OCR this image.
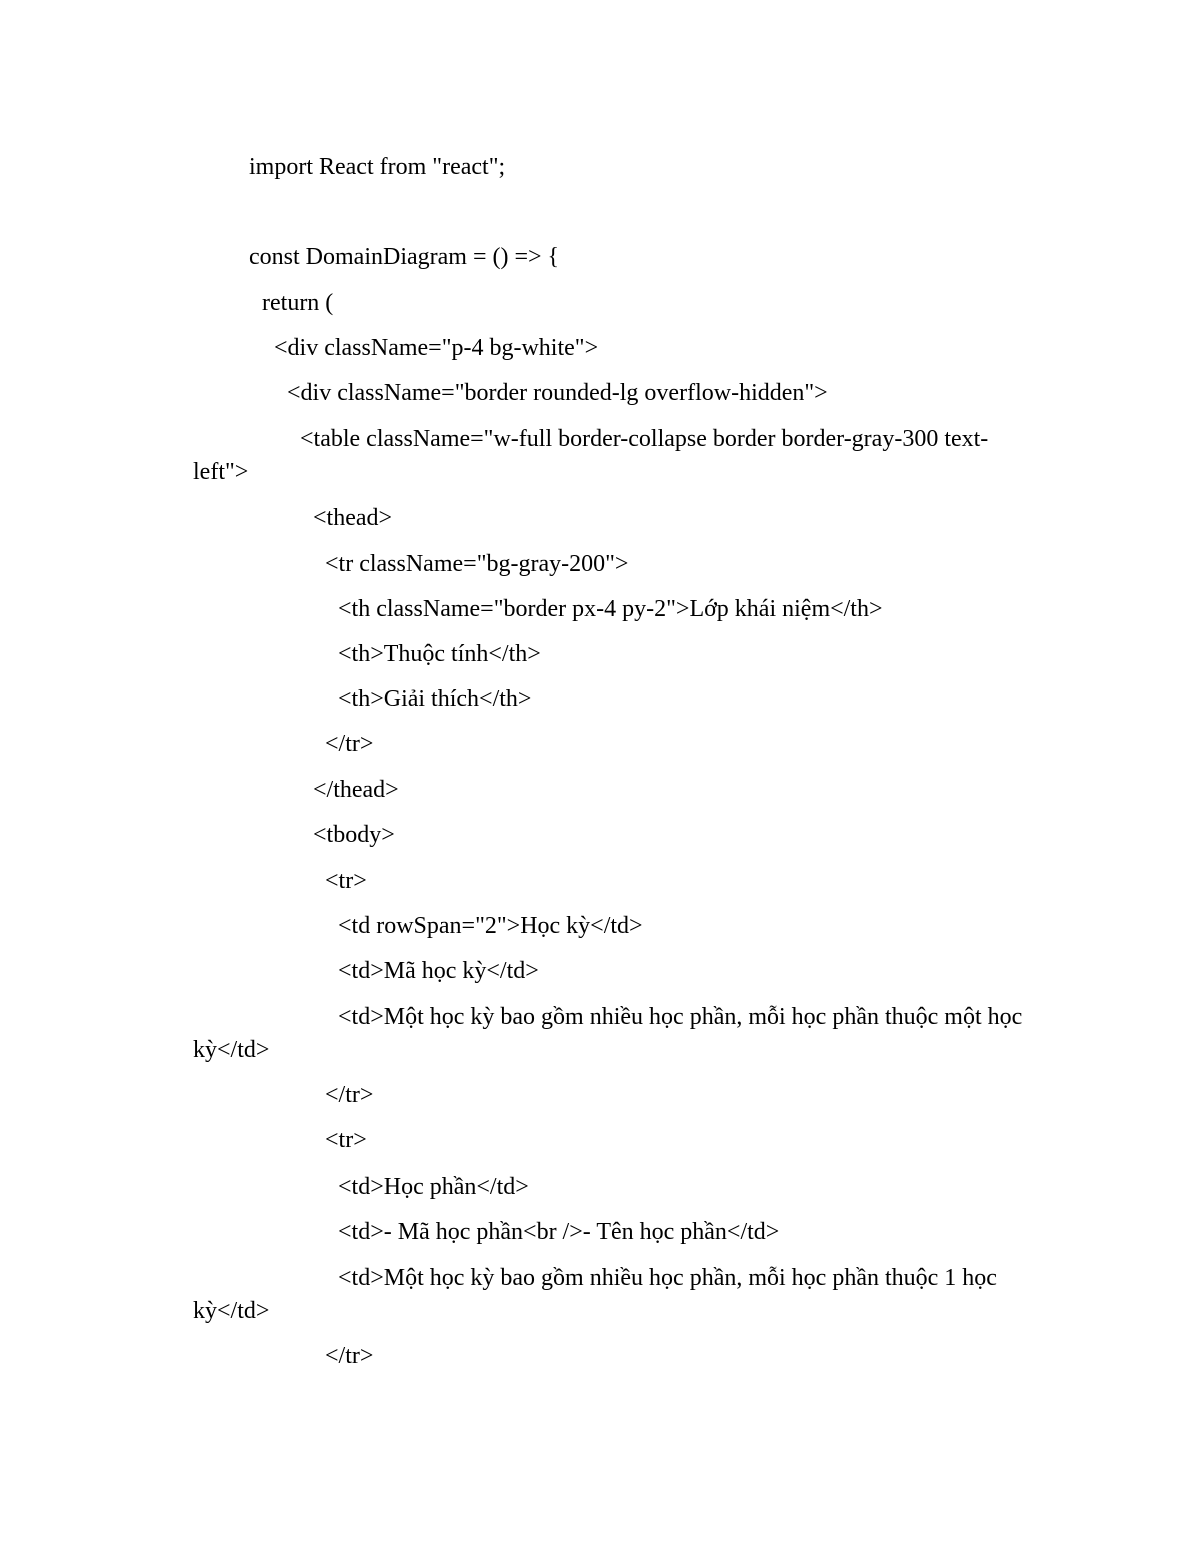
import React from "react";

const DomainDiagram = () => {

return (

<div className="p-4 bg-white">

<div className="border rounded-lg overflow-hidden">

<table className="w-full border-collapse border border-gray-300 text-

left">

<thead>

<tr className="bg-gray-200">

<th className="border px-4 py-2">Lớp khái niệm</th>

<th>Thuộc tính</th>

<th>Giải thích</th>

</tr>

</thead>

<tbody>

<tr>

<td rowSpan="2">Học kỳ</td>

<td>Mã học kỳ</td>

<td>Một học kỳ bao gồm nhiều học phần, mỗi học phần thuộc một học

kỳ</td>

</tr>

<tr>

<td>Học phần</td>

<td>- Mã học phần<br />- Tên học phần</td>

<td>Một học kỳ bao gồm nhiều học phần, mỗi học phần thuộc 1 học

kỳ</td>

</tr>
